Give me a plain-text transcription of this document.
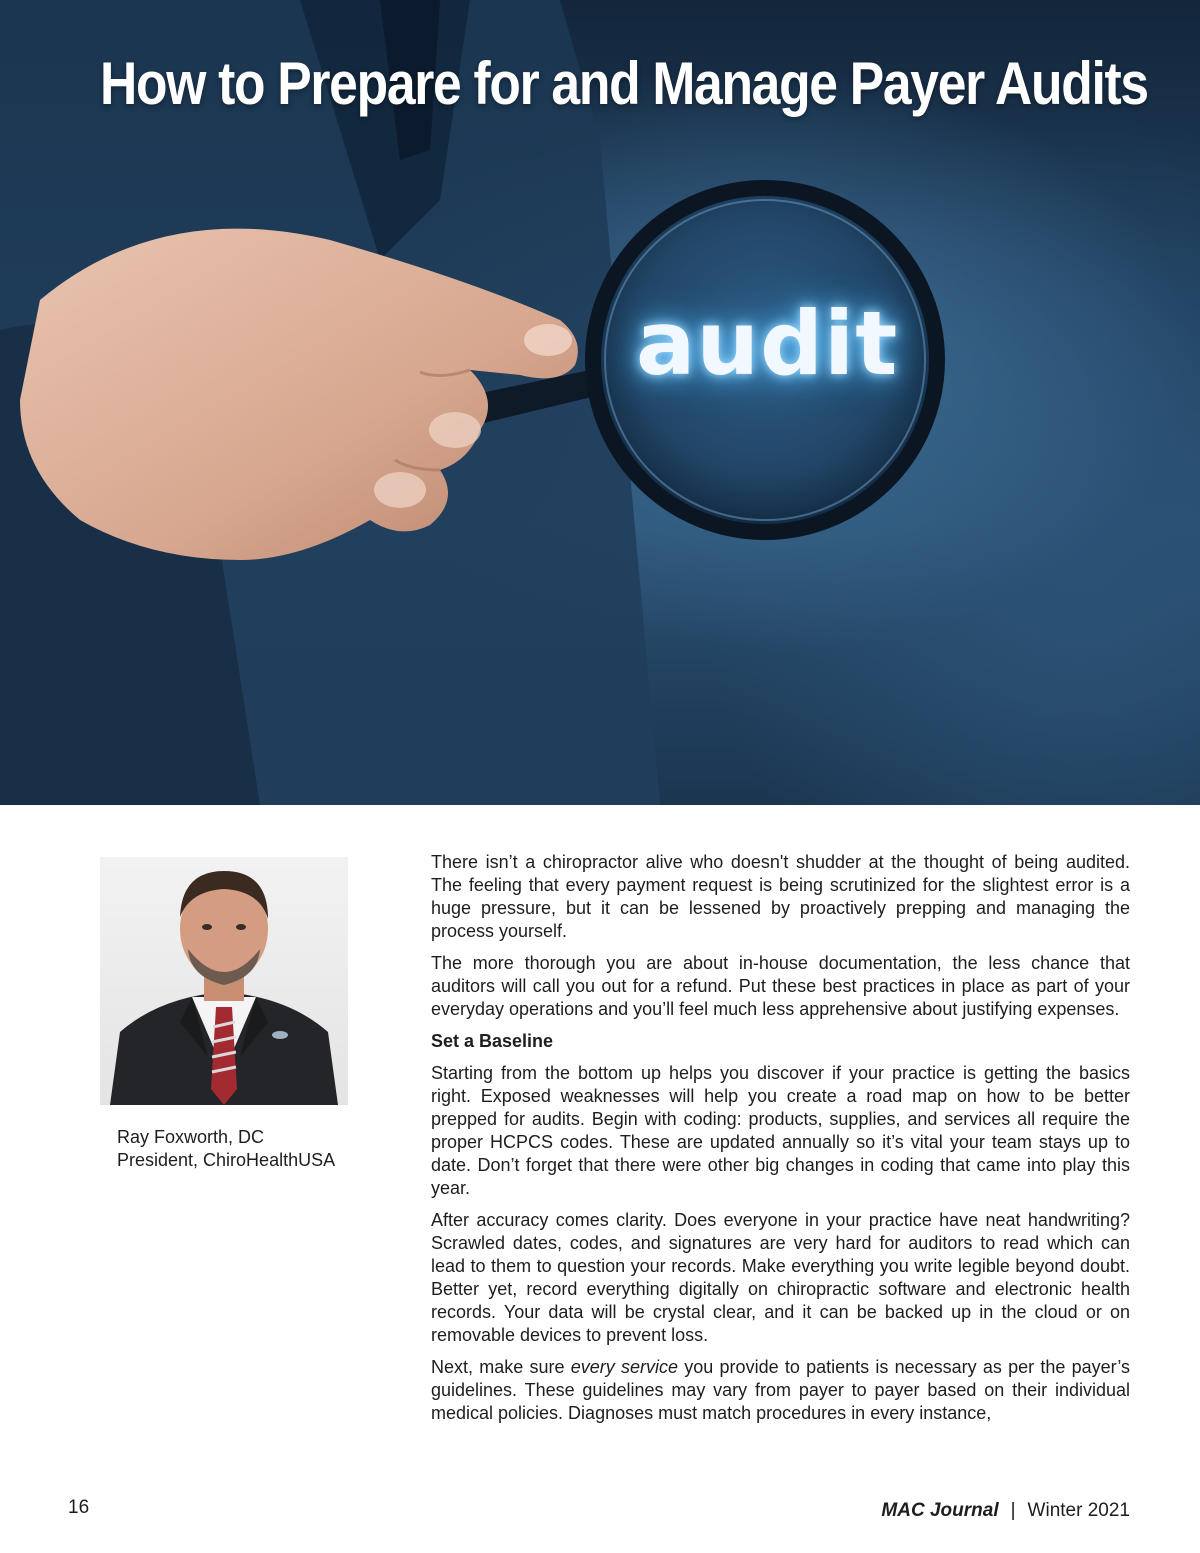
How to Prepare for and Manage Payer Audits
audit
Ray Foxworth, DC
President, ChiroHealthUSA

There isn’t a chiropractor alive who doesn't shudder at the thought of being audited. The feeling that every payment request is being scrutinized for the slightest error is a huge pressure, but it can be lessened by proactively prepping and managing the process yourself.

The more thorough you are about in-house documentation, the less chance that auditors will call you out for a refund. Put these best practices in place as part of your everyday operations and you’ll feel much less apprehensive about justifying expenses.

Set a Baseline

Starting from the bottom up helps you discover if your practice is getting the basics right. Exposed weaknesses will help you create a road map on how to be better prepped for audits. Begin with coding: products, supplies, and services all require the proper HCPCS codes. These are updated annually so it’s vital your team stays up to date. Don’t forget that there were other big changes in coding that came into play this year.

After accuracy comes clarity. Does everyone in your practice have neat handwriting? Scrawled dates, codes, and signatures are very hard for auditors to read which can lead to them to question your records. Make everything you write legible beyond doubt. Better yet, record everything digitally on chiropractic software and electronic health records. Your data will be crystal clear, and it can be backed up in the cloud or on removable devices to prevent loss.

Next, make sure every service you provide to patients is necessary as per the payer’s guidelines. These guidelines may vary from payer to payer based on their individual medical policies. Diagnoses must match procedures in every instance,

16	MAC Journal | Winter 2021
